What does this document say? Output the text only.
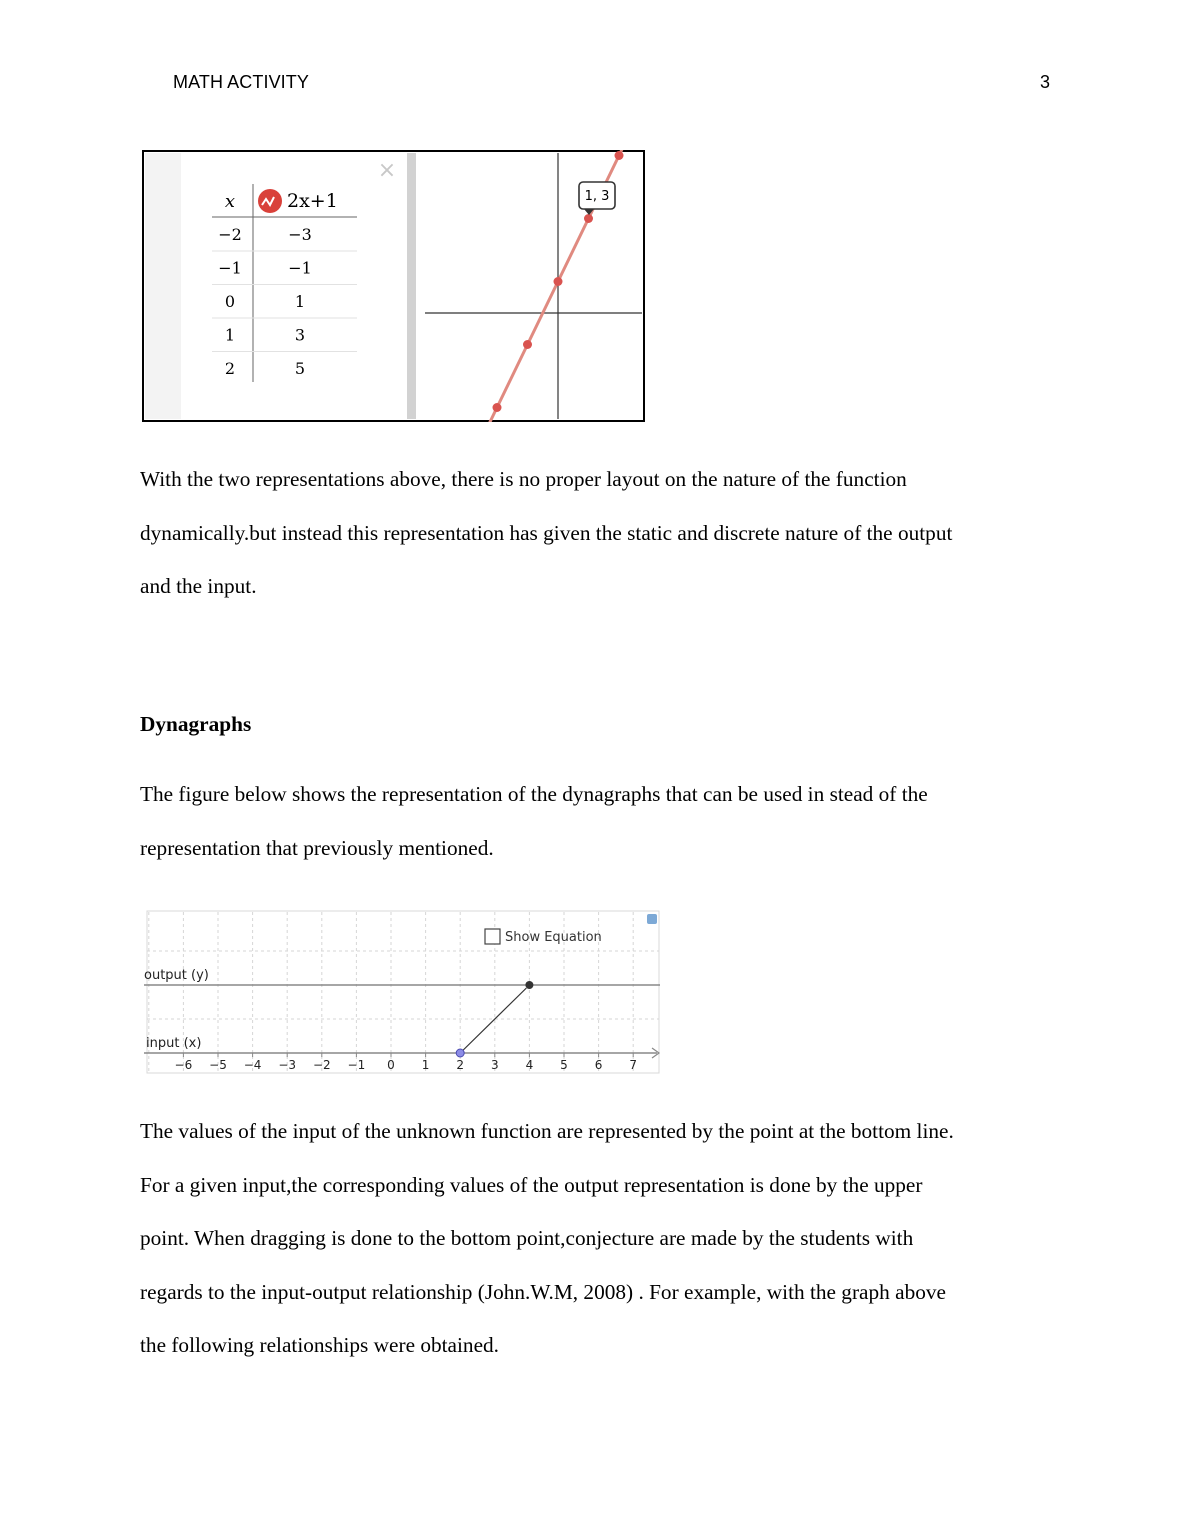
MATH ACTIVITY	3
x	2x+1
×
−2	−3
−1	−1
0	1
1	3
2	5
1, 3
With the two representations above, there is no proper layout on the nature of the function
dynamically.but instead this representation has given the static and discrete nature of the output
and the input.
Dynagraphs
The figure below shows the representation of the dynagraphs that can be used in stead of the
representation that previously mentioned.
Show Equation
output (y)
input (x)
−6 −5 −4 −3 −2 −1 0 1 2 3 4 5 6 7
The values of the input of the unknown function are represented by the point at the bottom line.
For a given input,the corresponding values of the output representation is done by the upper
point. When dragging is done to the bottom point,conjecture are made by the students with
regards to the input-output relationship (John.W.M, 2008) . For example, with the graph above
the following relationships were obtained.
